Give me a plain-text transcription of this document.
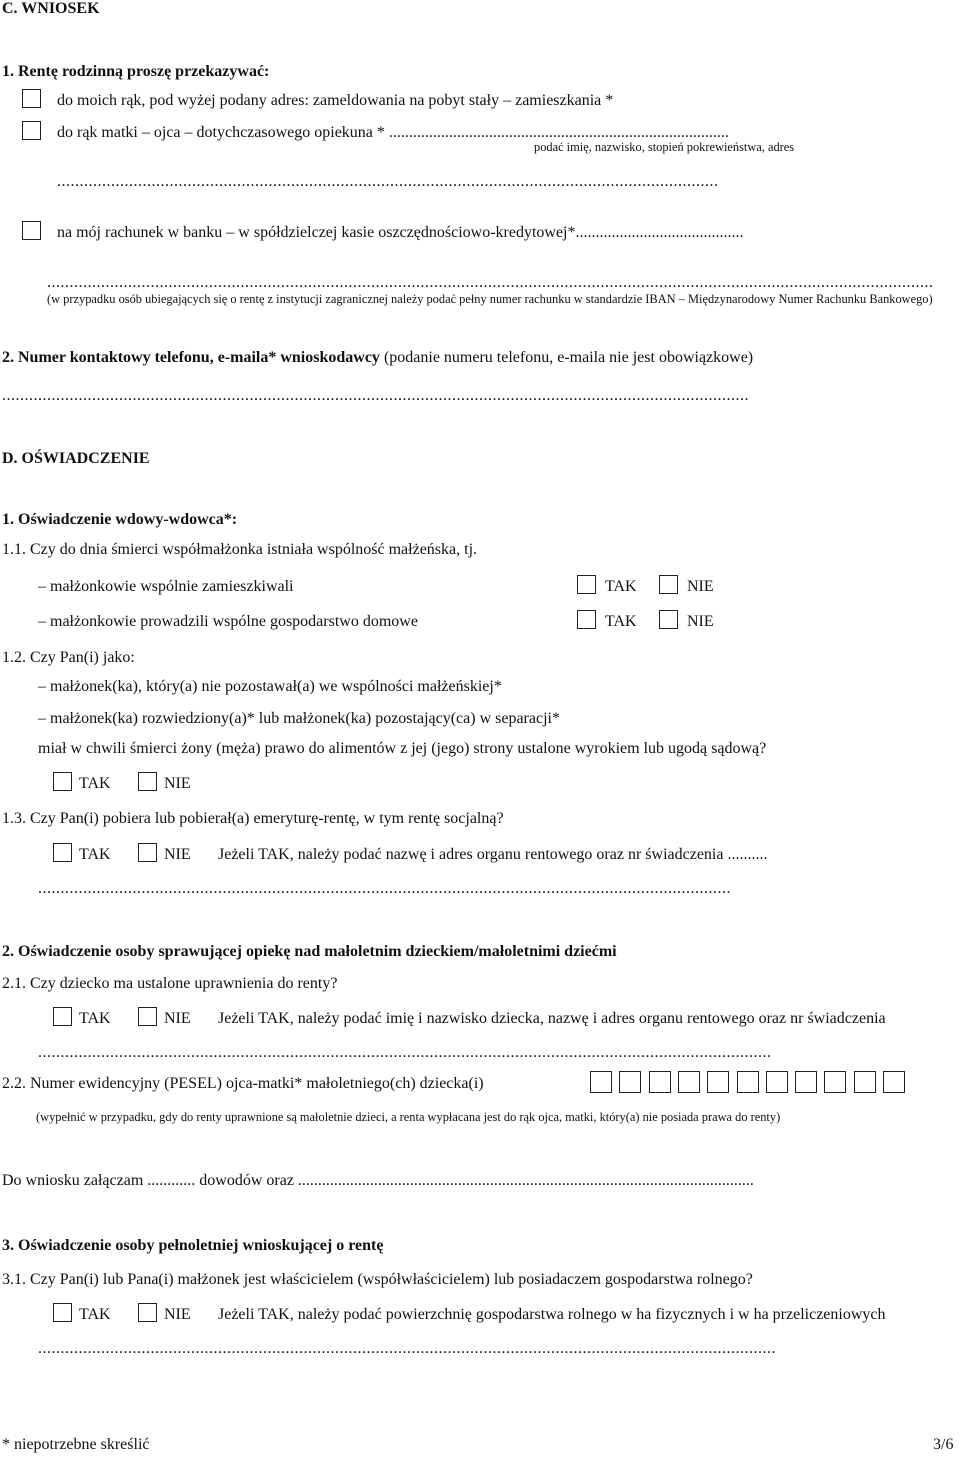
C. WNIOSEK
1. Rentę rodzinną proszę przekazywać:
do moich rąk, pod wyżej podany adres: zameldowania na pobyt stały – zamieszkania *
do rąk matki – ojca – dotychczasowego opiekuna * .....................................................................................
podać imię, nazwisko, stopień pokrewieństwa, adres
...................................................................................................................................................
na mój rachunek w banku – w spółdzielczej kasie oszczędnościowo-kredytowej*..........................................
.....................................................................................................................................................................................................
(w przypadku osób ubiegających się o rentę z instytucji zagranicznej należy podać pełny numer rachunku w standardzie IBAN – Międzynarodowy Numer Rachunku Bankowego)
2. Numer kontaktowy telefonu, e-maila* wnioskodawcy (podanie numeru telefonu, e-maila nie jest obowiązkowe)
......................................................................................................................................................................
D. OŚWIADCZENIE
1. Oświadczenie wdowy-wdowca*:
1.1. Czy do dnia śmierci współmałżonka istniała wspólność małżeńska, tj.
– małżonkowie wspólnie zamieszkiwali	TAK	NIE
– małżonkowie prowadzili wspólne gospodarstwo domowe	TAK	NIE
1.2. Czy Pan(i) jako:
– małżonek(ka), który(a) nie pozostawał(a) we wspólności małżeńskiej*
– małżonek(ka) rozwiedziony(a)* lub małżonek(ka) pozostający(ca) w separacji*
miał w chwili śmierci żony (męża) prawo do alimentów z jej (jego) strony ustalone wyrokiem lub ugodą sądową?
TAK	NIE
1.3. Czy Pan(i) pobiera lub pobierał(a) emeryturę-rentę, w tym rentę socjalną?
TAK	NIE Jeżeli TAK, należy podać nazwę i adres organu rentowego oraz nr świadczenia ..........
..........................................................................................................................................................
2. Oświadczenie osoby sprawującej opiekę nad małoletnim dzieckiem/małoletnimi dziećmi
2.1. Czy dziecko ma ustalone uprawnienia do renty?
TAK	NIE Jeżeli TAK, należy podać imię i nazwisko dziecka, nazwę i adres organu rentowego oraz nr świadczenia
...................................................................................................................................................................
2.2. Numer ewidencyjny (PESEL) ojca-matki* małoletniego(ch) dziecka(i)
(wypełnić w przypadku, gdy do renty uprawnione są małoletnie dzieci, a renta wypłacana jest do rąk ojca, matki, który(a) nie posiada prawa do renty)
Do wniosku załączam ............ dowodów oraz ..................................................................................................................
3. Oświadczenie osoby pełnoletniej wnioskującej o rentę
3.1. Czy Pan(i) lub Pana(i) małżonek jest właścicielem (współwłaścicielem) lub posiadaczem gospodarstwa rolnego?
TAK	NIE Jeżeli TAK, należy podać powierzchnię gospodarstwa rolnego w ha fizycznych i w ha przeliczeniowych
....................................................................................................................................................................
* niepotrzebne skreślić	3/6
